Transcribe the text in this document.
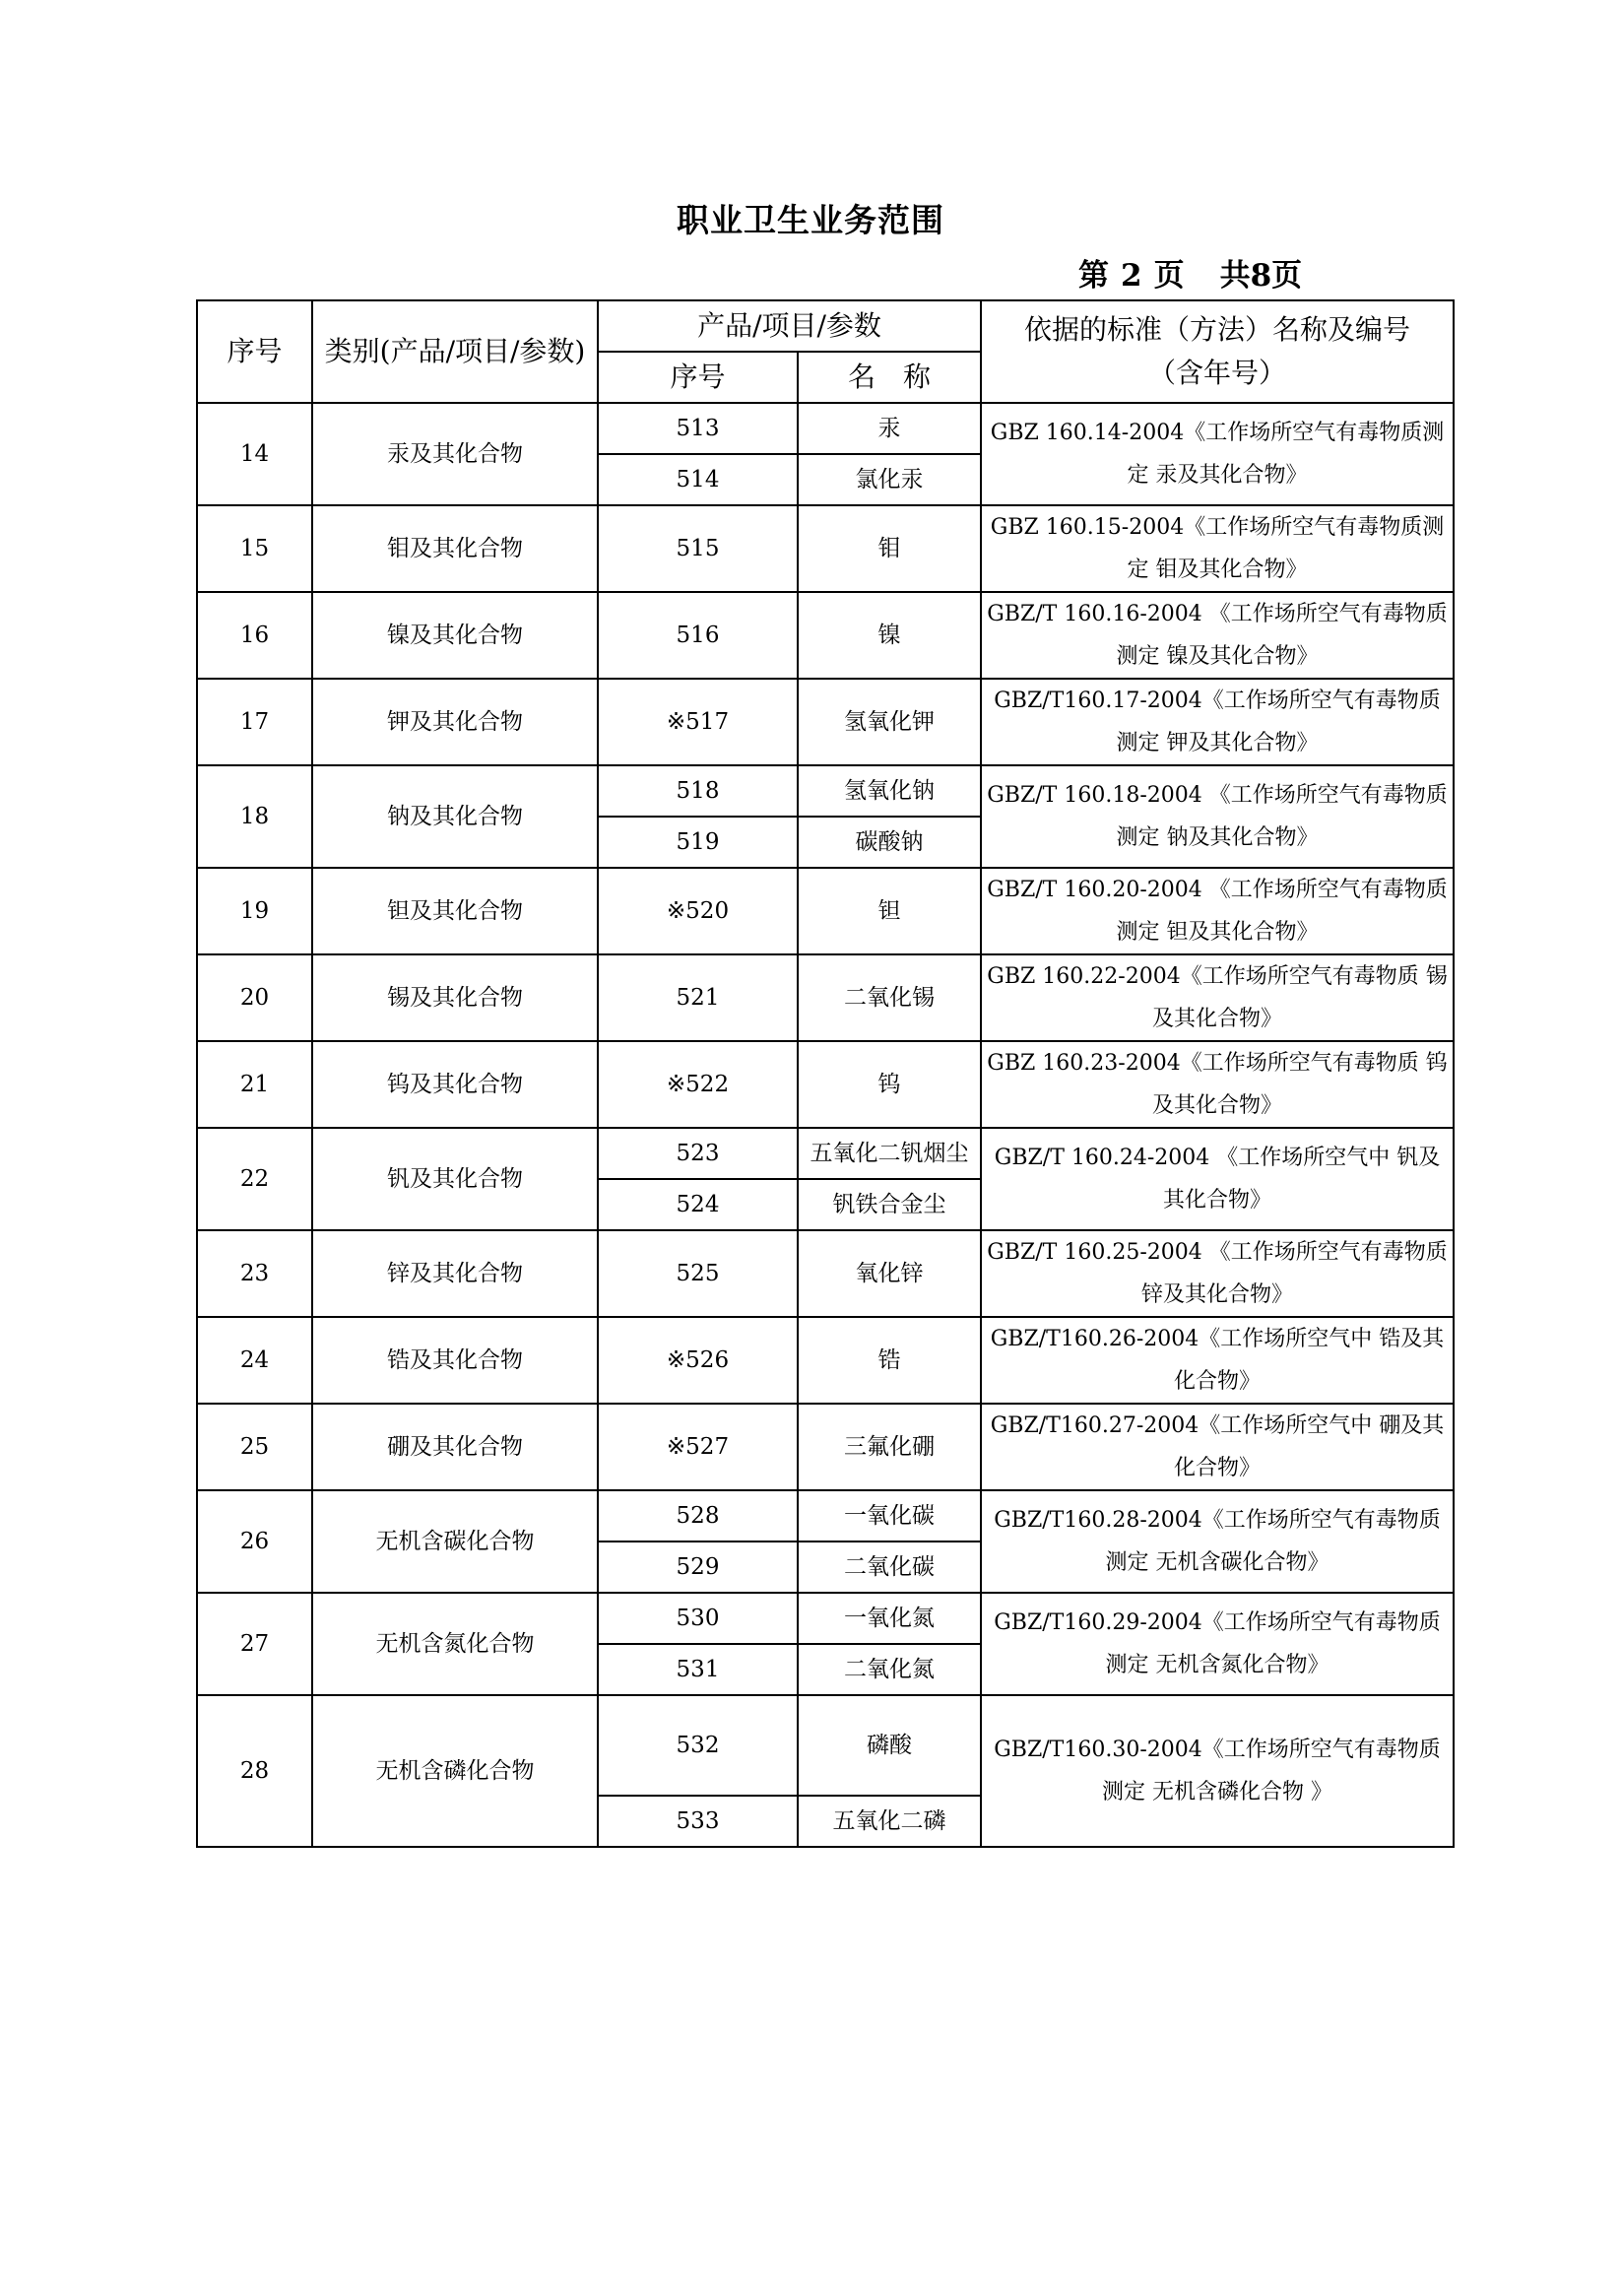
职业卫生业务范围
第 2 页 共8页
序号	类别(产品/项目/参数)	产品/项目/参数		依据的标准（方法）名称及编号（含年号）
		序号	名　称	
14	汞及其化合物	513	汞	GBZ 160.14-2004《工作场所空气有毒物质测定 汞及其化合物》
		514	氯化汞	
15	钼及其化合物	515	钼	GBZ 160.15-2004《工作场所空气有毒物质测定 钼及其化合物》
16	镍及其化合物	516	镍	GBZ/T 160.16-2004 《工作场所空气有毒物质测定 镍及其化合物》
17	钾及其化合物	※517	氢氧化钾	GBZ/T160.17-2004《工作场所空气有毒物质测定 钾及其化合物》
18	钠及其化合物	518	氢氧化钠	GBZ/T 160.18-2004 《工作场所空气有毒物质测定 钠及其化合物》
		519	碳酸钠	
19	钽及其化合物	※520	钽	GBZ/T 160.20-2004 《工作场所空气有毒物质测定 钽及其化合物》
20	锡及其化合物	521	二氧化锡	GBZ 160.22-2004《工作场所空气有毒物质 锡及其化合物》
21	钨及其化合物	※522	钨	GBZ 160.23-2004《工作场所空气有毒物质 钨及其化合物》
22	钒及其化合物	523	五氧化二钒烟尘	GBZ/T 160.24-2004 《工作场所空气中 钒及其化合物》
		524	钒铁合金尘	
23	锌及其化合物	525	氧化锌	GBZ/T 160.25-2004 《工作场所空气有毒物质 锌及其化合物》
24	锆及其化合物	※526	锆	GBZ/T160.26-2004《工作场所空气中 锆及其化合物》
25	硼及其化合物	※527	三氟化硼	GBZ/T160.27-2004《工作场所空气中 硼及其化合物》
26	无机含碳化合物	528	一氧化碳	GBZ/T160.28-2004《工作场所空气有毒物质测定 无机含碳化合物》
		529	二氧化碳	
27	无机含氮化合物	530	一氧化氮	GBZ/T160.29-2004《工作场所空气有毒物质测定 无机含氮化合物》
		531	二氧化氮	
28	无机含磷化合物	532	磷酸	GBZ/T160.30-2004《工作场所空气有毒物质测定 无机含磷化合物 》
		533	五氧化二磷	
